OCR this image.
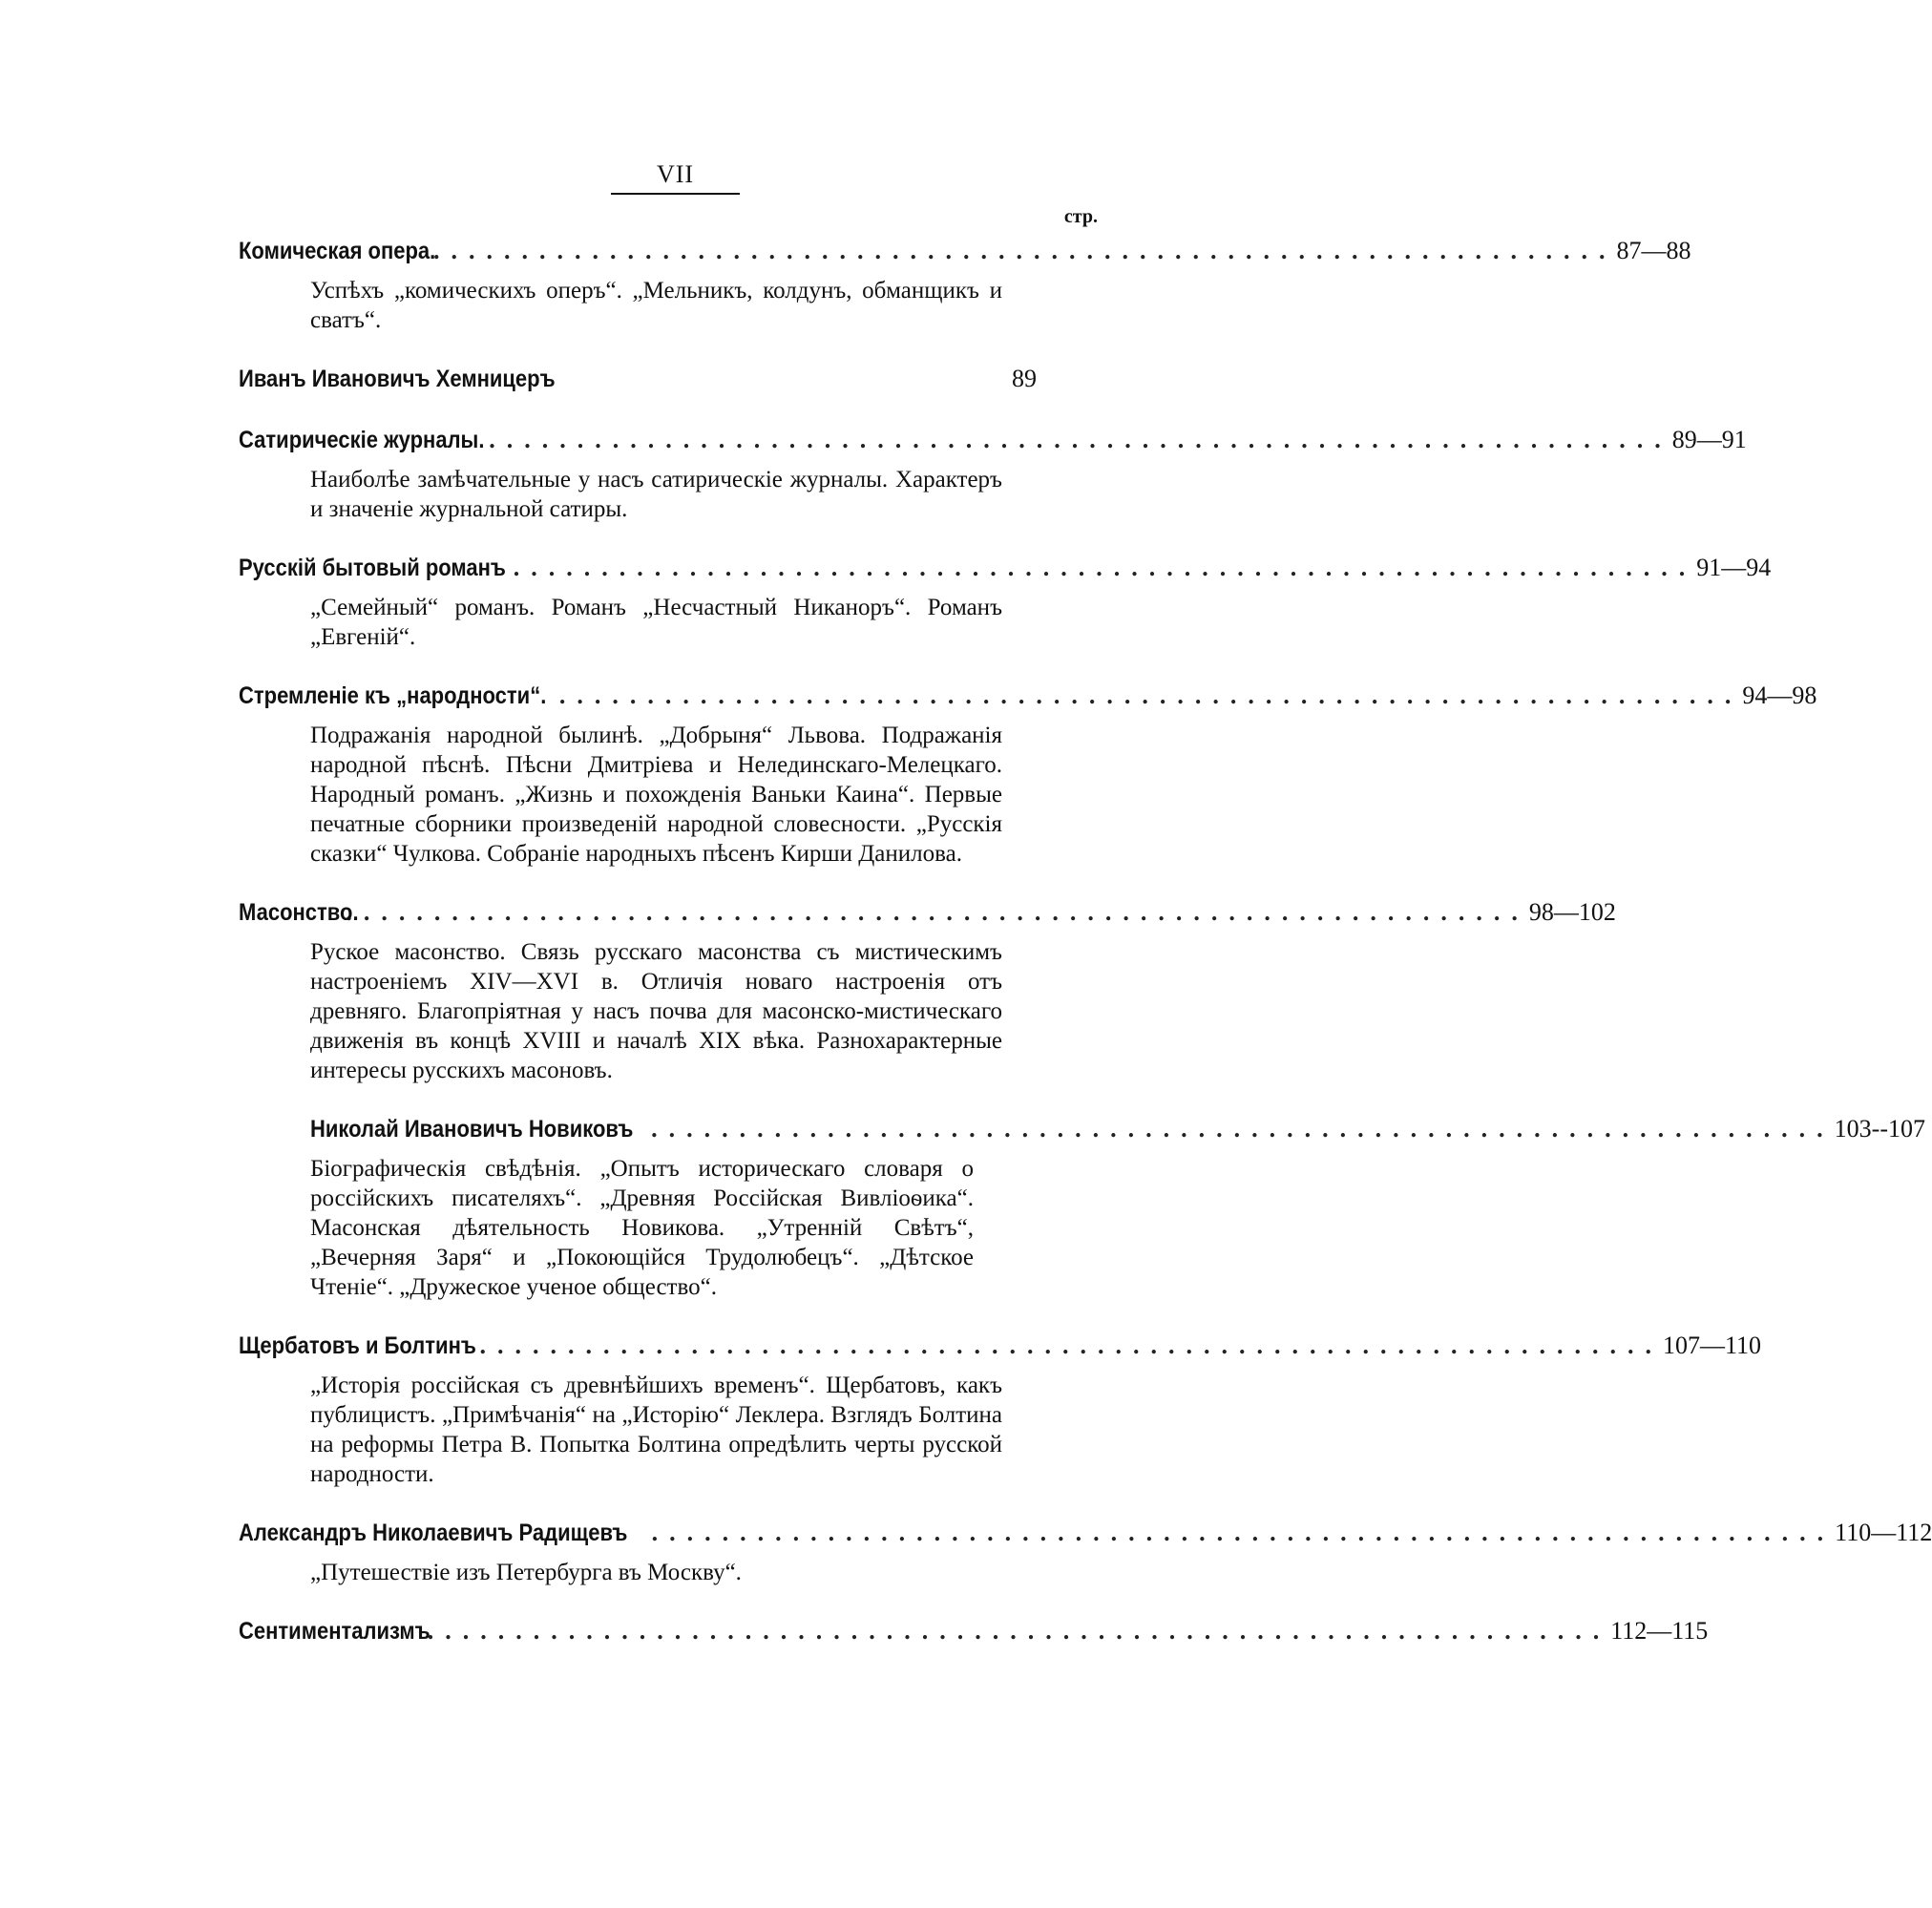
VII
стр.
Комическая опера.
................................................................... 87—88
Успѣхъ „комическихъ оперъ“. „Мельникъ, колдунъ, обманщикъ и сватъ“.
Иванъ Ивановичъ Хемницеръ	89
Сатирическіе журналы. ................................................................... 89—91
Наиболѣе замѣчательные у насъ сатирическіе журналы. Характеръ и значеніе журнальной сатиры.
Русскій бытовый романъ ................................................................... 91—94
„Семейный“ романъ. Романъ „Несчастный Никаноръ“. Романъ „Евгеній“.
Стремленіе къ „народности“. ................................................................... 94—98
Подражанія народной былинѣ. „Добрыня“ Львова. Подражанія народной пѣснѣ. Пѣсни Дмитріева и Нелединскаго-Мелецкаго. Народный романъ. „Жизнь и похожденія Ваньки Каина“. Первые печатные сборники произведеній народной словесности. „Русскія сказки“ Чулкова. Собраніе народныхъ пѣсенъ Кирши Данилова.
Масонство.
................................................................... 98—102
Руское масонство. Связь русскаго масонства съ мистическимъ настроеніемъ XIV—XVI в. Отличія новаго настроенія отъ древняго. Благопріятная у насъ почва для масонско-мистическаго движенія въ концѣ XVIII и началѣ XIX вѣка. Разнохарактерные интересы русскихъ масоновъ.
Николай Ивановичъ Новиковъ ................................................................... 103--107
Біографическія свѣдѣнія. „Опытъ историческаго словаря о россійскихъ писателяхъ“. „Древняя Россійская Вивліоѳика“. Масонская дѣятельность Новикова. „Утренній Свѣтъ“, „Вечерняя Заря“ и „Покоющійся Трудолюбецъ“. „Дѣтское Чтеніе“. „Дружеское ученое общество“.
Щербатовъ и Болтинъ ................................................................... 107—110
„Исторія россійская съ древнѣйшихъ временъ“. Щербатовъ, какъ публицистъ. „Примѣчанія“ на „Исторію“ Леклера. Взглядъ Болтина на реформы Петра В. Попытка Болтина опредѣлить черты русской народности.
Александръ Николаевичъ Радищевъ ................................................................... 110—112
„Путешествіе изъ Петербурга въ Москву“.
Сентиментализмъ
................................................................... 112—115
